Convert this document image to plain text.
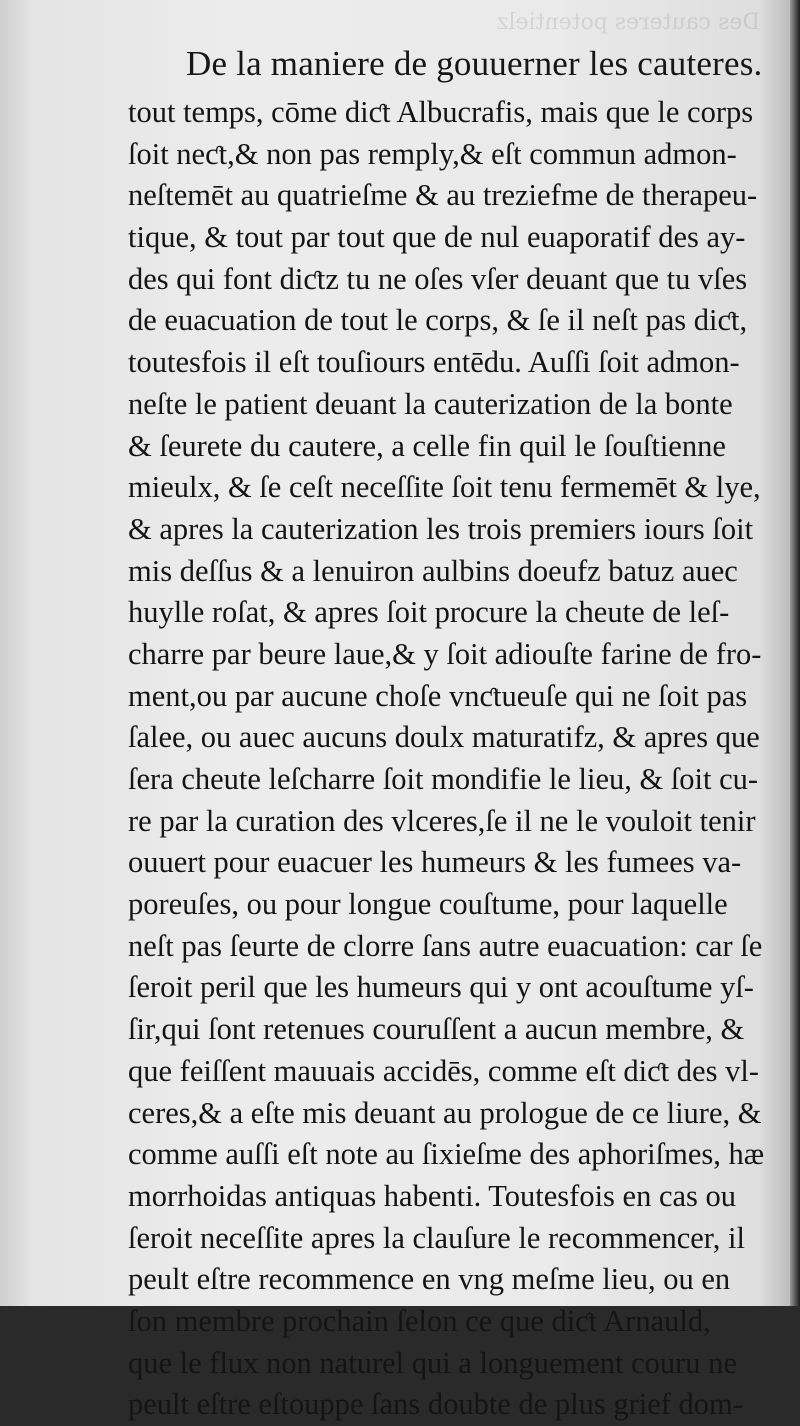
Des cauteres potentielz
De la maniere de gouuerner les cauteres.
tout temps, cōme diƈt Albucrafis, mais que le corps
ſoit neƈt,& non pas remply,& eſt commun admon-
neſtemēt au quatrieſme & au treziefme de therapeu-
tique, & tout par tout que de nul euaporatif des ay-
des qui font diƈtz tu ne oſes vſer deuant que tu vſes
de euacuation de tout le corps, & ſe il neſt pas diƈt,
toutesfois il eſt touſiours entēdu. Auſſi ſoit admon-
neſte le patient deuant la cauterization de la bonte
& ſeurete du cautere, a celle fin quil le ſouſtienne
mieulx, & ſe ceſt neceſſite ſoit tenu fermemēt & lye,
& apres la cauterization les trois premiers iours ſoit
mis deſſus & a lenuiron aulbins doeufz batuz auec
huylle roſat, & apres ſoit procure la cheute de leſ-
charre par beure laue,& y ſoit adiouſte farine de fro-
ment,ou par aucune choſe vnƈtueuſe qui ne ſoit pas
ſalee, ou auec aucuns doulx maturatifz, & apres que
ſera cheute leſcharre ſoit mondifie le lieu, & ſoit cu-
re par la curation des vlceres,ſe il ne le vouloit tenir
ouuert pour euacuer les humeurs & les fumees va-
poreuſes, ou pour longue couſtume, pour laquelle
neſt pas ſeurte de clorre ſans autre euacuation: car ſe
ſeroit peril que les humeurs qui y ont acouſtume yſ-
ſir,qui ſont retenues couruſſent a aucun membre, &
que feiſſent mauuais accidēs, comme eſt diƈt des vl-
ceres,& a eſte mis deuant au prologue de ce liure, &
comme auſſi eſt note au ſixieſme des aphoriſmes, hæ
morrhoidas antiquas habenti. Toutesfois en cas ou
ſeroit neceſſite apres la clauſure le recommencer, il
peult eſtre recommence en vng meſme lieu, ou en
ſon membre prochain ſelon ce que diƈt Arnauld,
que le flux non naturel qui a longuement couru ne
peult eſtre eſtouppe ſans doubte de plus grief dom-
